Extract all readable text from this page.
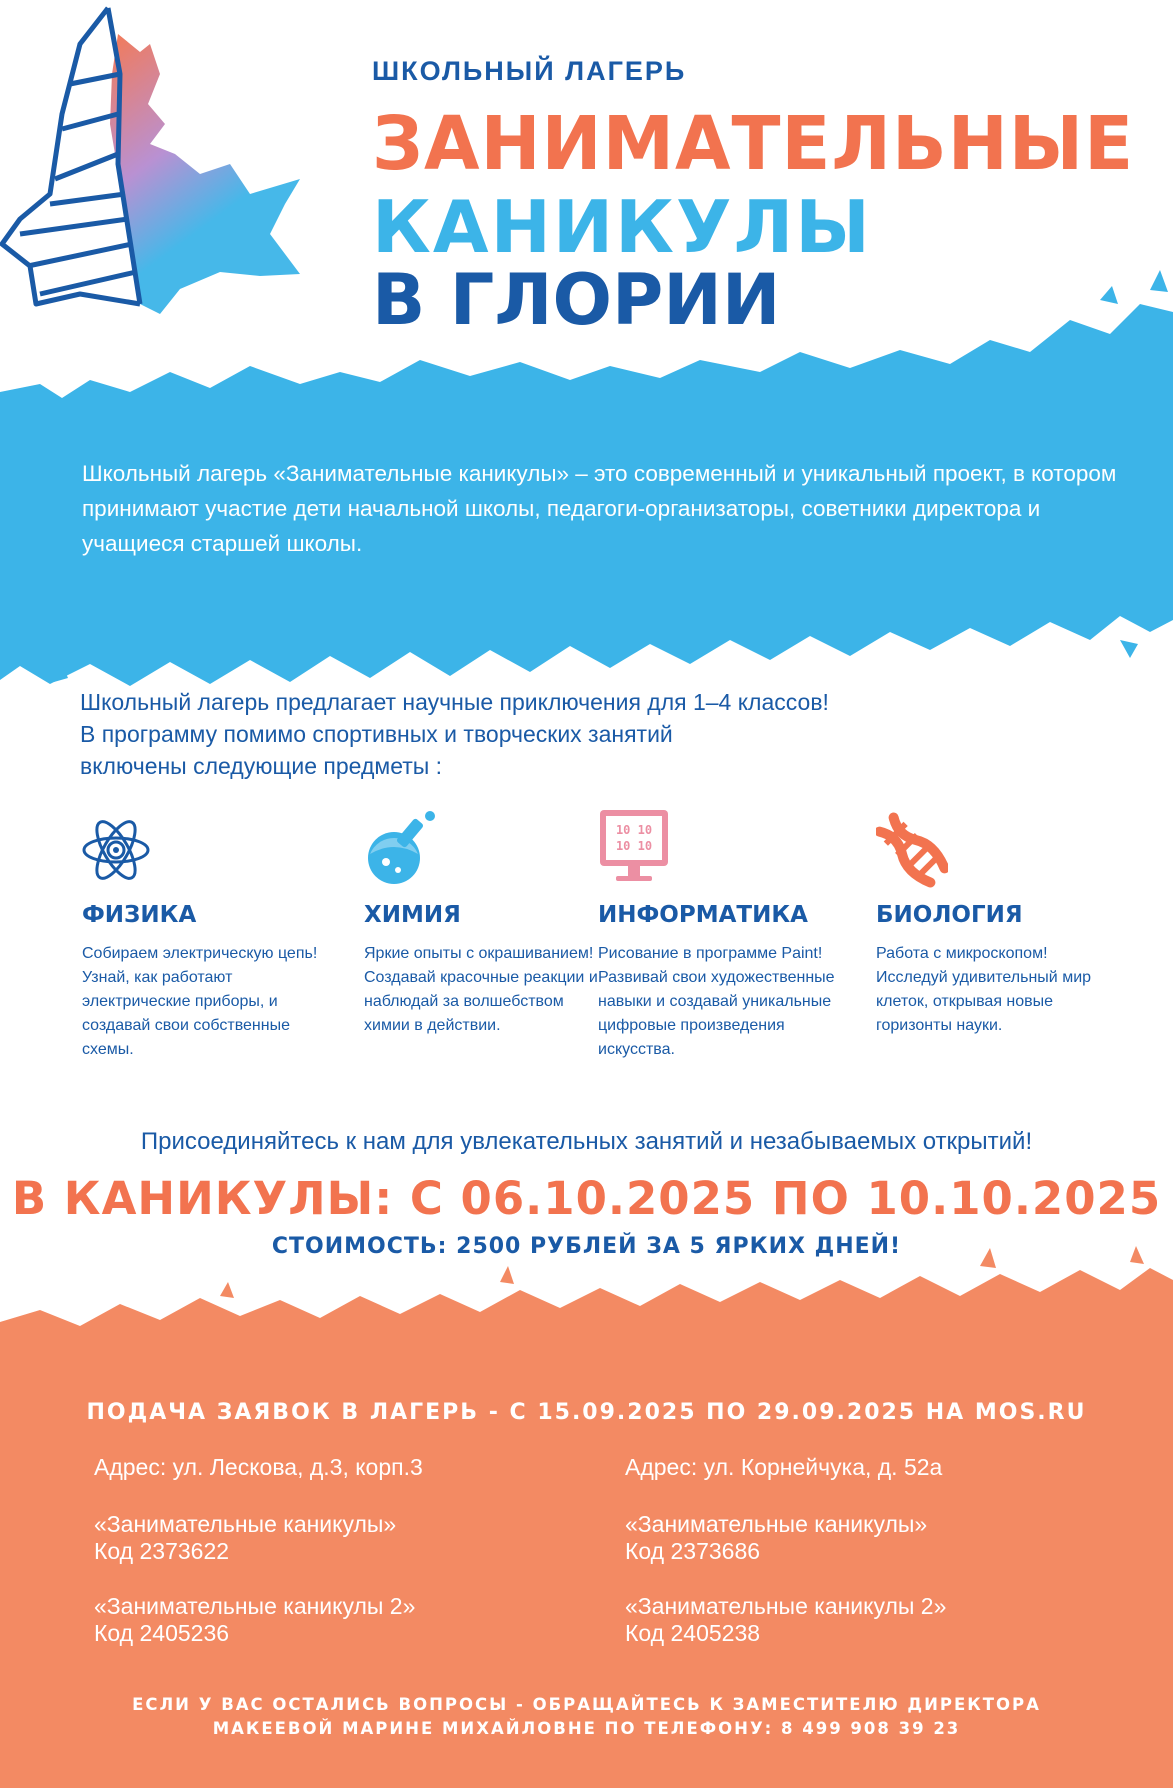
ШКОЛЬНЫЙ ЛАГЕРЬ
ЗАНИМАТЕЛЬНЫЕ
КАНИКУЛЫ
В ГЛОРИИ
Школьный лагерь «Занимательные каникулы» – это современный и уникальный проект, в котором принимают участие дети начальной школы, педагоги-организаторы, советники директора и учащиеся старшей школы.
Школьный лагерь предлагает научные приключения для 1–4 классов!
В программу помимо спортивных и творческих занятий
включены следующие предметы :
ФИЗИКА
Собираем электрическую цепь! Узнай, как работают электрические приборы, и создавай свои собственные схемы.
ХИМИЯ
Яркие опыты с окрашиванием! Создавай красочные реакции и наблюдай за волшебством химии в действии.
10 10
10 10
ИНФОРМАТИКА
Рисование в программе Paint! Развивай свои художественные навыки и создавай уникальные цифровые произведения искусства.
БИОЛОГИЯ
Работа с микроскопом! Исследуй удивительный мир клеток, открывая новые горизонты науки.
Присоединяйтесь к нам для увлекательных занятий и незабываемых открытий!
В КАНИКУЛЫ: С 06.10.2025 ПО 10.10.2025
СТОИМОСТЬ: 2500 РУБЛЕЙ ЗА 5 ЯРКИХ ДНЕЙ!
ПОДАЧА ЗАЯВОК В ЛАГЕРЬ - С 15.09.2025 ПО 29.09.2025 НА MOS.RU
Адрес: ул. Лескова, д.3, корп.3
«Занимательные каникулы»
Код 2373622
«Занимательные каникулы 2»
Код 2405236
Адрес: ул. Корнейчука, д. 52а
«Занимательные каникулы»
Код 2373686
«Занимательные каникулы 2»
Код 2405238
ЕСЛИ У ВАС ОСТАЛИСЬ ВОПРОСЫ - ОБРАЩАЙТЕСЬ К ЗАМЕСТИТЕЛЮ ДИРЕКТОРА
МАКЕЕВОЙ МАРИНЕ МИХАЙЛОВНЕ ПО ТЕЛЕФОНУ: 8 499 908 39 23
